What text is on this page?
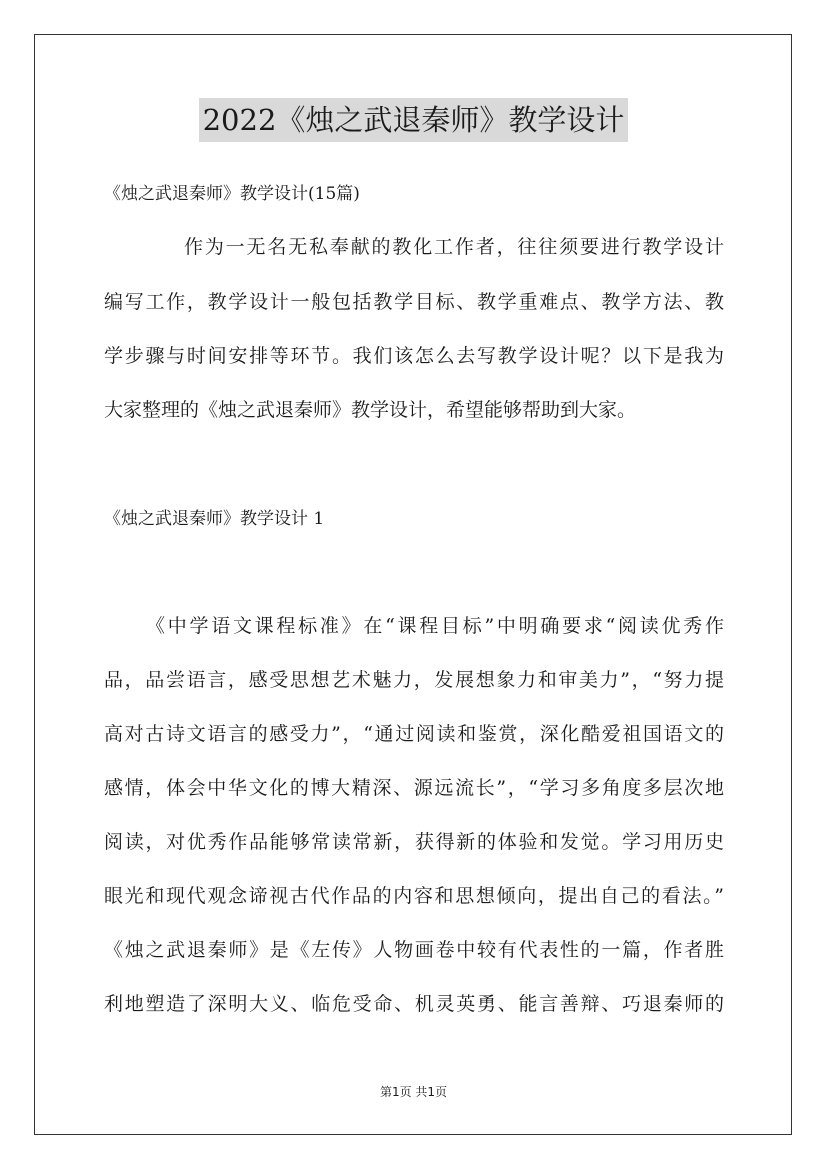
2022《烛之武退秦师》教学设计

《烛之武退秦师》教学设计(15篇)

作为一无名无私奉献的教化工作者，往往须要进行教学设计

编写工作，教学设计一般包括教学目标、教学重难点、教学方法、教

学步骤与时间安排等环节。我们该怎么去写教学设计呢？以下是我为

大家整理的《烛之武退秦师》教学设计，希望能够帮助到大家。

《烛之武退秦师》教学设计 1

《中学语文课程标准》在“课程目标”中明确要求“阅读优秀作

品，品尝语言，感受思想艺术魅力，发展想象力和审美力”，“努力提

高对古诗文语言的感受力”，“通过阅读和鉴赏，深化酷爱祖国语文的

感情，体会中华文化的博大精深、源远流长”，“学习多角度多层次地

阅读，对优秀作品能够常读常新，获得新的体验和发觉。学习用历史

眼光和现代观念谛视古代作品的内容和思想倾向，提出自己的看法。”

《烛之武退秦师》是《左传》人物画卷中较有代表性的一篇，作者胜

利地塑造了深明大义、临危受命、机灵英勇、能言善辩、巧退秦师的

第1页 共1页
